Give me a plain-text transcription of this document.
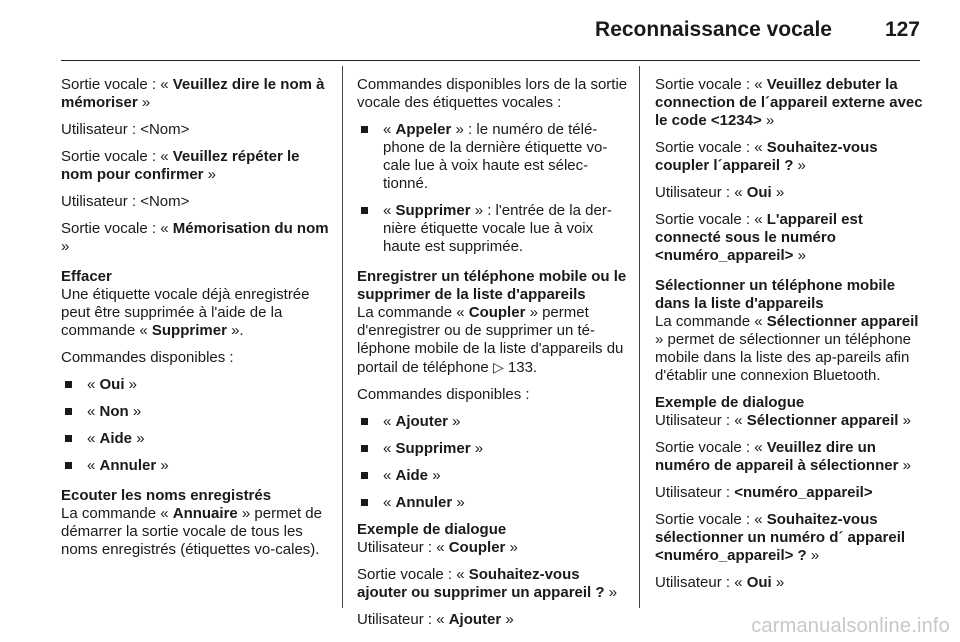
Reconnaissance vocale	127

Sortie vocale : « Veuillez dire le nom à mémoriser »

Utilisateur : <Nom>

Sortie vocale : « Veuillez répéter le nom pour confirmer »

Utilisateur : <Nom>

Sortie vocale : « Mémorisation du nom »

Effacer

Une étiquette vocale déjà enregistrée peut être supprimée à l'aide de la commande « Supprimer ».

Commandes disponibles :

« Oui »
« Non »
« Aide »
« Annuler »

Ecouter les noms enregistrés

La commande « Annuaire » permet de démarrer la sortie vocale de tous les noms enregistrés (étiquettes vo-cales).

Commandes disponibles lors de la sortie vocale des étiquettes vocales :

« Appeler » : le numéro de télé-phone de la dernière étiquette vo-cale lue à voix haute est sélec-tionné.
« Supprimer » : l'entrée de la der-nière étiquette vocale lue à voix haute est supprimée.

Enregistrer un téléphone mobile ou le supprimer de la liste d'appareils

La commande « Coupler » permet d'enregistrer ou de supprimer un té-léphone mobile de la liste d'appareils du portail de téléphone ▷ 133.

Commandes disponibles :

« Ajouter »
« Supprimer »
« Aide »
« Annuler »

Exemple de dialogue

Utilisateur : « Coupler »

Sortie vocale : « Souhaitez-vous ajouter ou supprimer un appareil ? »

Utilisateur : « Ajouter »

Sortie vocale : « Veuillez debuter la connection de l´appareil externe avec le code <1234> »

Sortie vocale : « Souhaitez-vous coupler l´appareil ? »

Utilisateur : « Oui »

Sortie vocale : « L'appareil est connecté sous le numéro <numéro_appareil> »

Sélectionner un téléphone mobile dans la liste d'appareils

La commande « Sélectionner appareil » permet de sélectionner un téléphone mobile dans la liste des ap-pareils afin d'établir une connexion Bluetooth.

Exemple de dialogue

Utilisateur : « Sélectionner appareil »

Sortie vocale : « Veuillez dire un numéro de appareil à sélectionner »

Utilisateur : <numéro_appareil>

Sortie vocale : « Souhaitez-vous sélectionner un numéro d´ appareil <numéro_appareil> ? »

Utilisateur : « Oui »

carmanualsonline.info
